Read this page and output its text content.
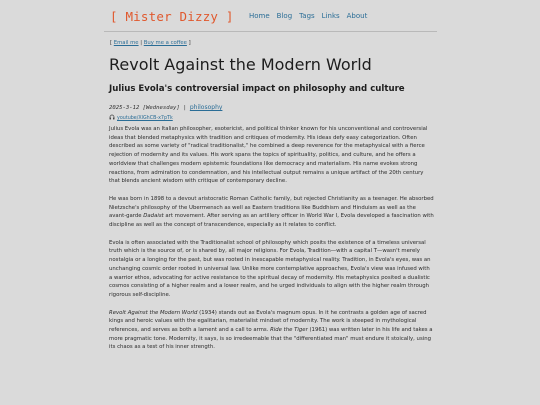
[ Mister Dizzy ] Home Blog Tags Links About
[ Email me | Buy me a coffee ]
Revolt Against the Modern World
Julius Evola's controversial impact on philosophy and culture
2025-3-12 [Wednesday] | philosophy
youtube/XlGhCB-x7pTk

Julius Evola was an Italian philosopher, esotericist, and political thinker known for his unconventional and controversial ideas that blended metaphysics with tradition and critiques of modernity. His ideas defy easy categorization. Often described as some variety of "radical traditionalist," he combined a deep reverence for the metaphysical with a fierce rejection of modernity and its values. His work spans the topics of spirituality, politics, and culture, and he offers a worldview that challenges modern epistemic foundations like democracy and materialism. His name evokes strong reactions, from admiration to condemnation, and his intellectual output remains a unique artifact of the 20th century that blends ancient wisdom with critique of contemporary decline.

He was born in 1898 to a devout aristocratic Roman Catholic family, but rejected Christianity as a teenager. He absorbed Nietzsche's philosophy of the Ubermensch as well as Eastern traditions like Buddhism and Hinduism as well as the avant-garde Dadaist art movement. After serving as an artillery officer in World War I, Evola developed a fascination with discipline as well as the concept of transcendence, especially as it relates to conflict.

Evola is often associated with the Traditionalist school of philosophy which posits the existence of a timeless universal truth which is the source of, or is shared by, all major religions. For Evola, Tradition—with a capital T—wasn't merely nostalgia or a longing for the past, but was rooted in inescapable metaphysical reality. Tradition, in Evola's eyes, was an unchanging cosmic order rooted in universal law. Unlike more contemplative approaches, Evola's view was infused with a warrior ethos, advocating for active resistance to the spiritual decay of modernity. His metaphysics posited a dualistic cosmos consisting of a higher realm and a lower realm, and he urged individuals to align with the higher realm through rigorous self-discipline.

Revolt Against the Modern World (1934) stands out as Evola's magnum opus. In it he contrasts a golden age of sacred kings and heroic values with the egalitarian, materialist mindset of modernity. The work is steeped in mythological references, and serves as both a lament and a call to arms. Ride the Tiger (1961) was written later in his life and takes a more pragmatic tone. Modernity, it says, is so irredeemable that the "differentiated man" must endure it stoically, using its chaos as a test of his inner strength.
